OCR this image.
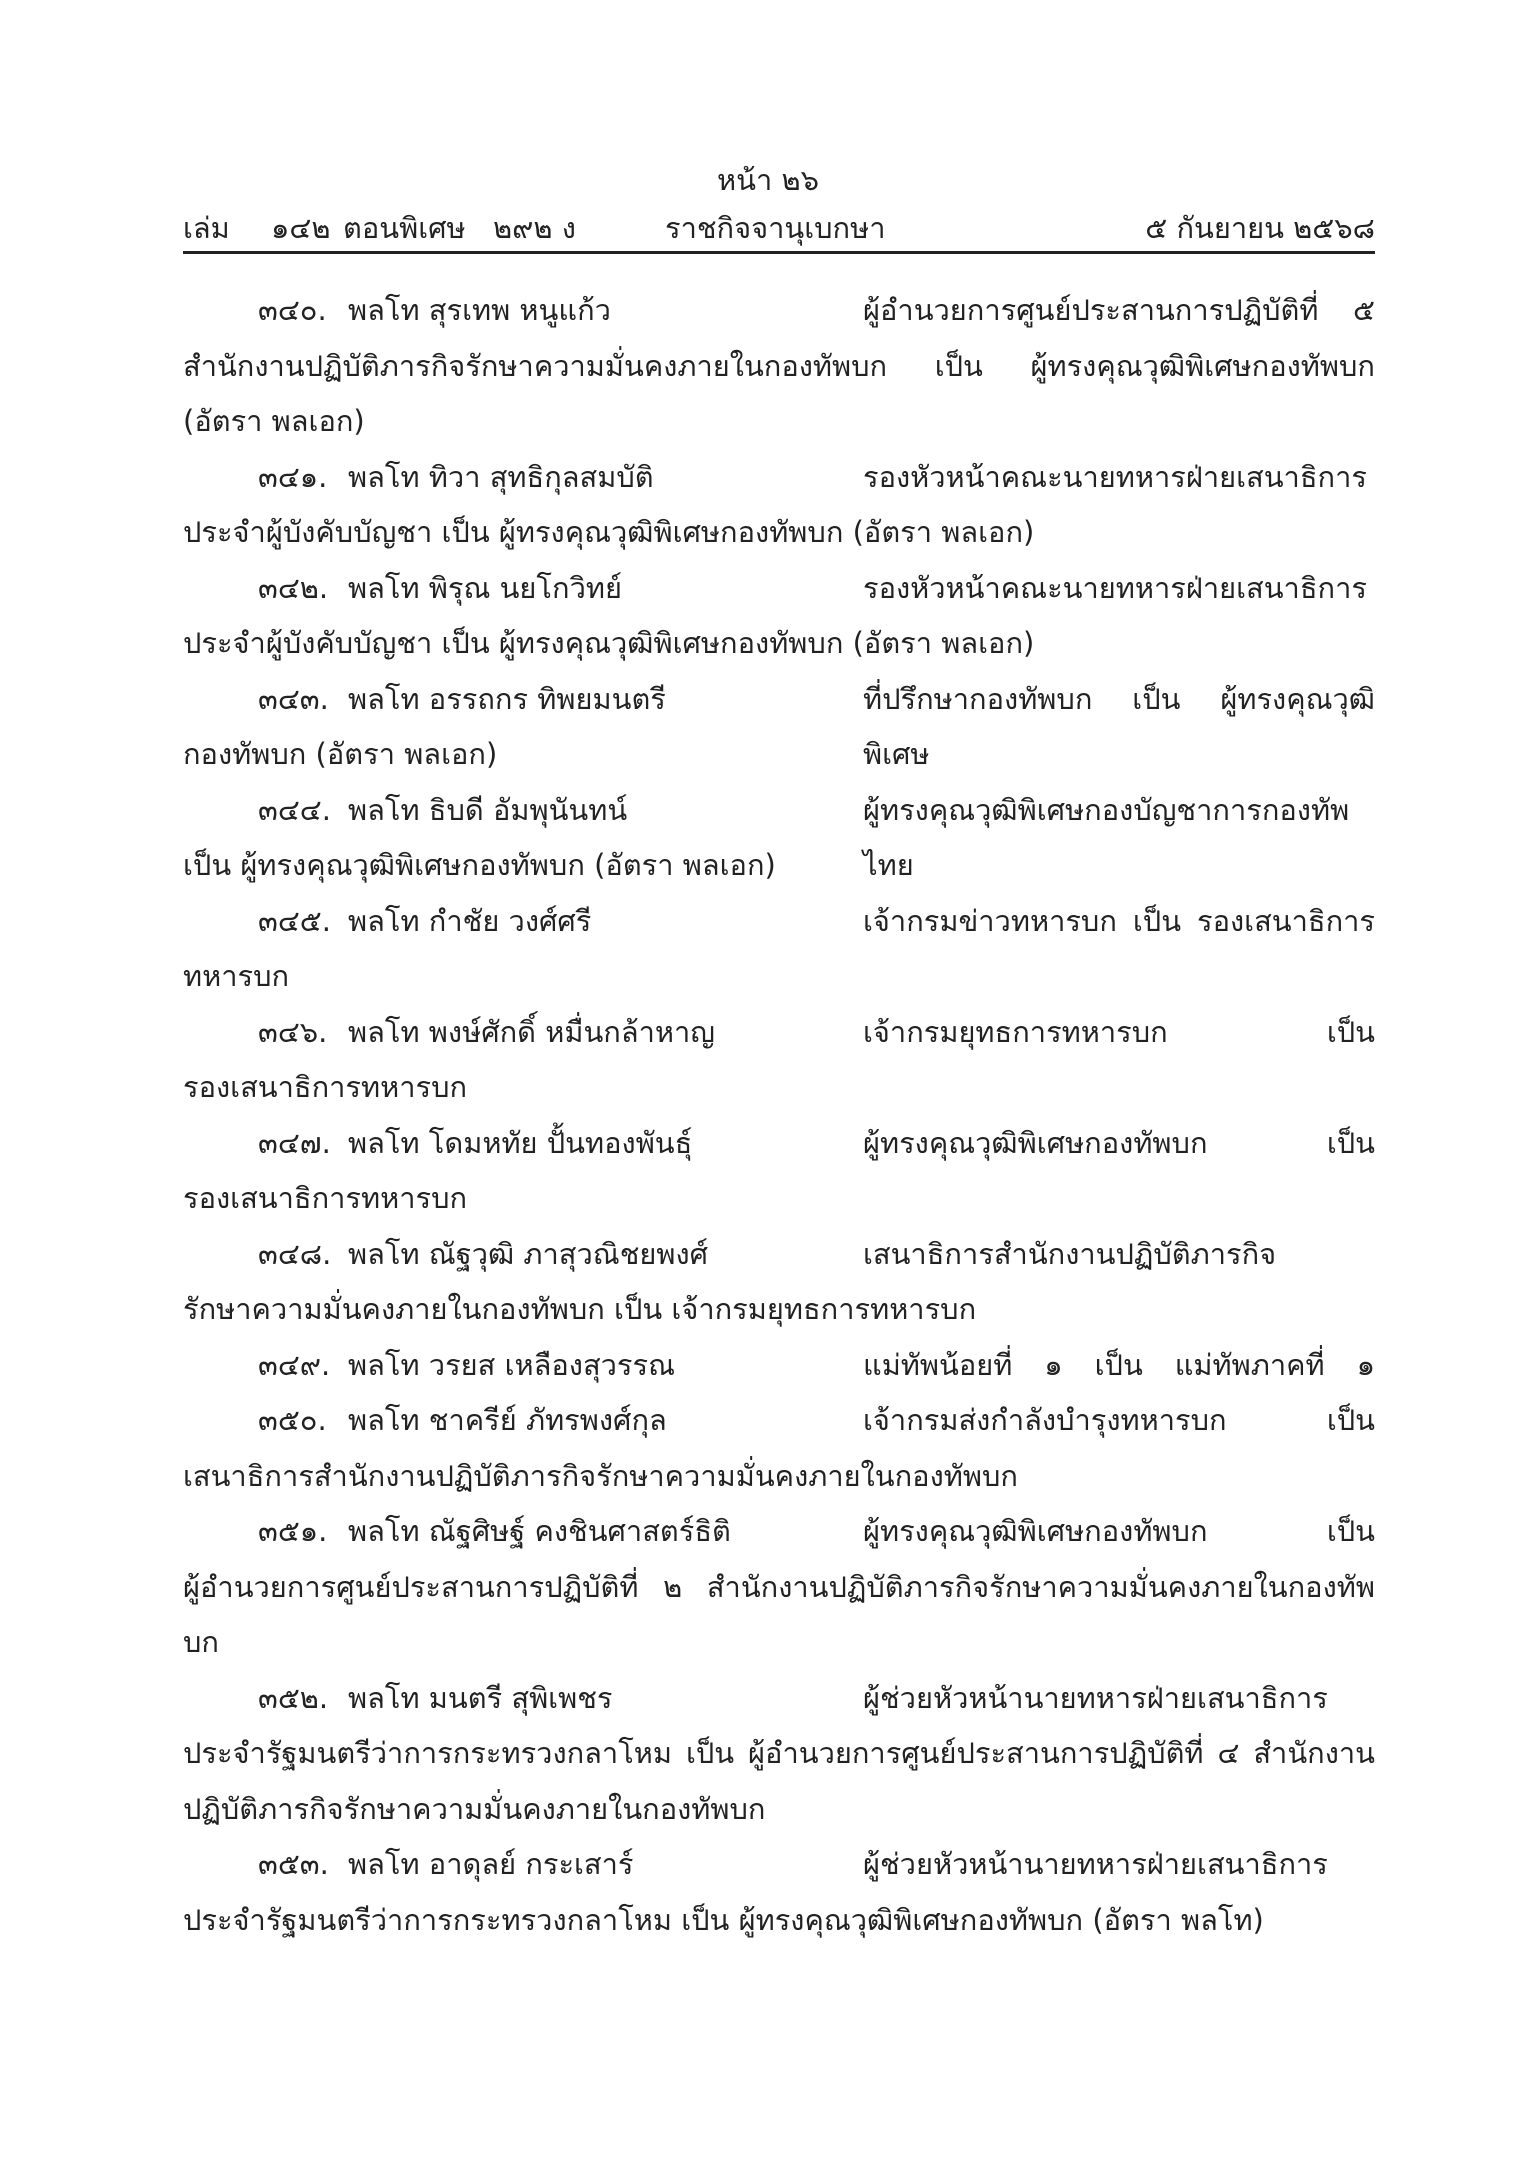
หน้า ๒๖
เล่ม ๑๔๒ ตอนพิเศษ ๒๙๒ ง	ราชกิจจานุเบกษา	๕ กันยายน ๒๕๖๘
๓๔๐. พลโท สุรเทพ หนูแก้ว	ผู้อำนวยการศูนย์ประสานการปฏิบัติที่ ๕
สำนักงานปฏิบัติภารกิจรักษาความมั่นคงภายในกองทัพบก เป็น ผู้ทรงคุณวุฒิพิเศษกองทัพบก (อัตรา พลเอก)
๓๔๑. พลโท ทิวา สุทธิกุลสมบัติ	รองหัวหน้าคณะนายทหารฝ่ายเสนาธิการ
ประจำผู้บังคับบัญชา เป็น ผู้ทรงคุณวุฒิพิเศษกองทัพบก (อัตรา พลเอก)
๓๔๒. พลโท พิรุณ นยโกวิทย์	รองหัวหน้าคณะนายทหารฝ่ายเสนาธิการ
ประจำผู้บังคับบัญชา เป็น ผู้ทรงคุณวุฒิพิเศษกองทัพบก (อัตรา พลเอก)
๓๔๓. พลโท อรรถกร ทิพยมนตรี	ที่ปรึกษากองทัพบก เป็น ผู้ทรงคุณวุฒิพิเศษ
กองทัพบก (อัตรา พลเอก)
๓๔๔. พลโท ธิบดี อัมพุนันทน์	ผู้ทรงคุณวุฒิพิเศษกองบัญชาการกองทัพไทย
เป็น ผู้ทรงคุณวุฒิพิเศษกองทัพบก (อัตรา พลเอก)
๓๔๕. พลโท กำชัย วงศ์ศรี	เจ้ากรมข่าวทหารบก เป็น รองเสนาธิการ
ทหารบก
๓๔๖. พลโท พงษ์ศักดิ์ หมื่นกล้าหาญ	เจ้ากรมยุทธการทหารบก เป็น
รองเสนาธิการทหารบก
๓๔๗. พลโท โดมหทัย ปั้นทองพันธุ์	ผู้ทรงคุณวุฒิพิเศษกองทัพบก เป็น
รองเสนาธิการทหารบก
๓๔๘. พลโท ณัฐวุฒิ ภาสุวณิชยพงศ์	เสนาธิการสำนักงานปฏิบัติภารกิจ
รักษาความมั่นคงภายในกองทัพบก เป็น เจ้ากรมยุทธการทหารบก
๓๔๙. พลโท วรยส เหลืองสุวรรณ	แม่ทัพน้อยที่ ๑ เป็น แม่ทัพภาคที่ ๑
๓๕๐. พลโท ชาครีย์ ภัทรพงศ์กุล	เจ้ากรมส่งกำลังบำรุงทหารบก เป็น
เสนาธิการสำนักงานปฏิบัติภารกิจรักษาความมั่นคงภายในกองทัพบก
๓๕๑. พลโท ณัฐศิษฐ์ คงชินศาสตร์ธิติ	ผู้ทรงคุณวุฒิพิเศษกองทัพบก เป็น
ผู้อำนวยการศูนย์ประสานการปฏิบัติที่ ๒ สำนักงานปฏิบัติภารกิจรักษาความมั่นคงภายในกองทัพบก
๓๕๒. พลโท มนตรี สุพิเพชร	ผู้ช่วยหัวหน้านายทหารฝ่ายเสนาธิการ
ประจำรัฐมนตรีว่าการกระทรวงกลาโหม เป็น ผู้อำนวยการศูนย์ประสานการปฏิบัติที่ ๔ สำนักงานปฏิบัติภารกิจรักษาความมั่นคงภายในกองทัพบก
๓๕๓. พลโท อาดุลย์ กระเสาร์	ผู้ช่วยหัวหน้านายทหารฝ่ายเสนาธิการ
ประจำรัฐมนตรีว่าการกระทรวงกลาโหม เป็น ผู้ทรงคุณวุฒิพิเศษกองทัพบก (อัตรา พลโท)
